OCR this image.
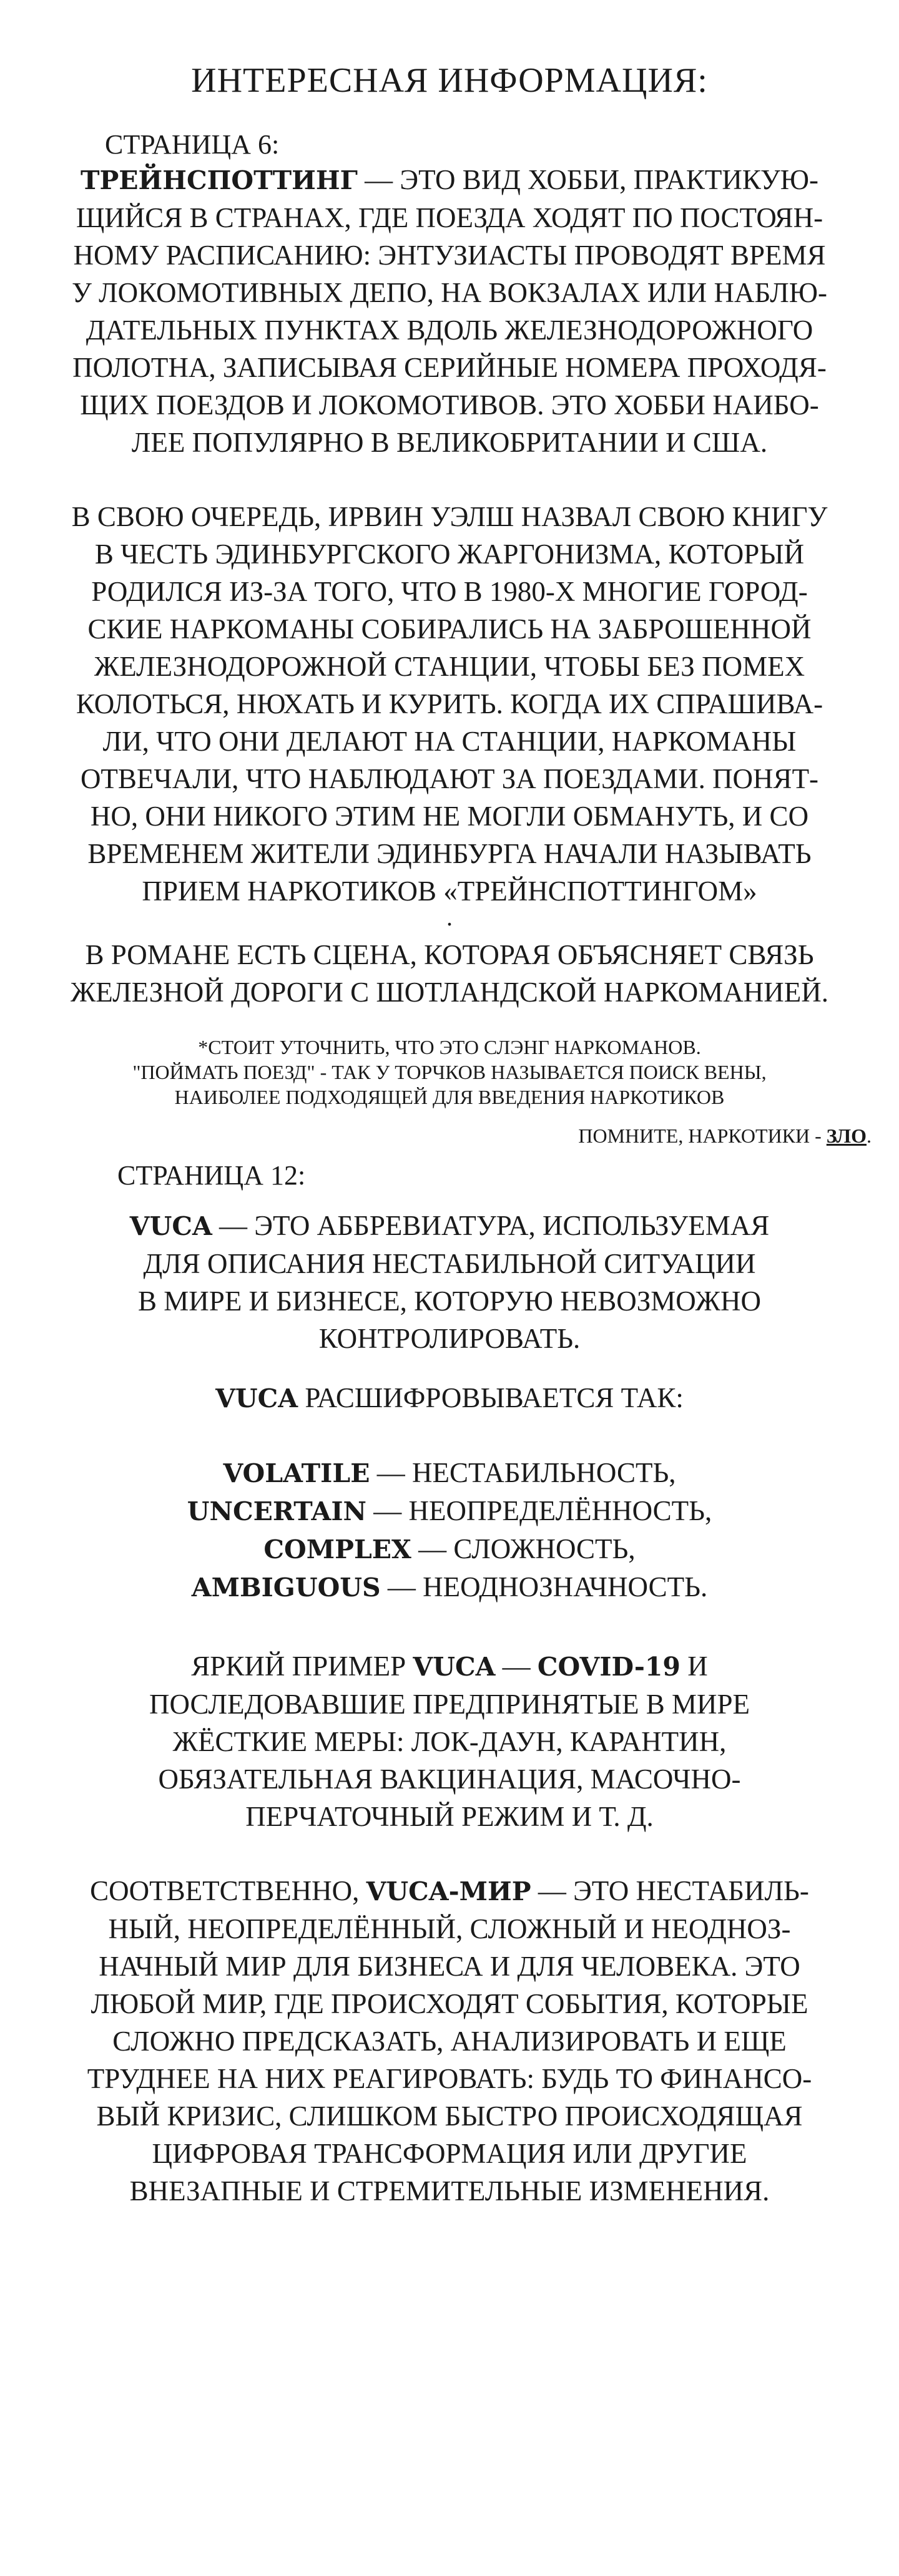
ИНТЕРЕСНАЯ ИНФОРМАЦИЯ:
СТРАНИЦА 6:
ТРЕЙНСПОТТИНГ — ЭТО ВИД ХОББИ, ПРАКТИКУЮ-
ЩИЙСЯ В СТРАНАХ, ГДЕ ПОЕЗДА ХОДЯТ ПО ПОСТОЯН-
НОМУ РАСПИСАНИЮ: ЭНТУЗИАСТЫ ПРОВОДЯТ ВРЕМЯ
У ЛОКОМОТИВНЫХ ДЕПО, НА ВОКЗАЛАХ ИЛИ НАБЛЮ-
ДАТЕЛЬНЫХ ПУНКТАХ ВДОЛЬ ЖЕЛЕЗНОДОРОЖНОГО
ПОЛОТНА, ЗАПИСЫВАЯ СЕРИЙНЫЕ НОМЕРА ПРОХОДЯ-
ЩИХ ПОЕЗДОВ И ЛОКОМОТИВОВ. ЭТО ХОББИ НАИБО-
ЛЕЕ ПОПУЛЯРНО В ВЕЛИКОБРИТАНИИ И США.
В СВОЮ ОЧЕРЕДЬ, ИРВИН УЭЛШ НАЗВАЛ СВОЮ КНИГУ
В ЧЕСТЬ ЭДИНБУРГСКОГО ЖАРГОНИЗМА, КОТОРЫЙ
РОДИЛСЯ ИЗ-ЗА ТОГО, ЧТО В 1980-Х МНОГИЕ ГОРОД-
СКИЕ НАРКОМАНЫ СОБИРАЛИСЬ НА ЗАБРОШЕННОЙ
ЖЕЛЕЗНОДОРОЖНОЙ СТАНЦИИ, ЧТОБЫ БЕЗ ПОМЕХ
КОЛОТЬСЯ, НЮХАТЬ И КУРИТЬ. КОГДА ИХ СПРАШИВА-
ЛИ, ЧТО ОНИ ДЕЛАЮТ НА СТАНЦИИ, НАРКОМАНЫ
ОТВЕЧАЛИ, ЧТО НАБЛЮДАЮТ ЗА ПОЕЗДАМИ. ПОНЯТ-
НО, ОНИ НИКОГО ЭТИМ НЕ МОГЛИ ОБМАНУТЬ, И СО
ВРЕМЕНЕМ ЖИТЕЛИ ЭДИНБУРГА НАЧАЛИ НАЗЫВАТЬ
ПРИЕМ НАРКОТИКОВ «ТРЕЙНСПОТТИНГОМ»
.
В РОМАНЕ ЕСТЬ СЦЕНА, КОТОРАЯ ОБЪЯСНЯЕТ СВЯЗЬ
ЖЕЛЕЗНОЙ ДОРОГИ С ШОТЛАНДСКОЙ НАРКОМАНИЕЙ.
*СТОИТ УТОЧНИТЬ, ЧТО ЭТО СЛЭНГ НАРКОМАНОВ.
"ПОЙМАТЬ ПОЕЗД" - ТАК У ТОРЧКОВ НАЗЫВАЕТСЯ ПОИСК ВЕНЫ,
НАИБОЛЕЕ ПОДХОДЯЩЕЙ ДЛЯ ВВЕДЕНИЯ НАРКОТИКОВ
ПОМНИТЕ, НАРКОТИКИ - ЗЛО.
СТРАНИЦА 12:
VUCA — ЭТО АББРЕВИАТУРА, ИСПОЛЬЗУЕМАЯ
ДЛЯ ОПИСАНИЯ НЕСТАБИЛЬНОЙ СИТУАЦИИ
В МИРЕ И БИЗНЕСЕ, КОТОРУЮ НЕВОЗМОЖНО
КОНТРОЛИРОВАТЬ.
VUCA РАСШИФРОВЫВАЕТСЯ ТАК:
VOLATILE — НЕСТАБИЛЬНОСТЬ,
UNCERTAIN — НЕОПРЕДЕЛЁННОСТЬ,
COMPLEX — СЛОЖНОСТЬ,
AMBIGUOUS — НЕОДНОЗНАЧНОСТЬ.
ЯРКИЙ ПРИМЕР VUCA — COVID-19 И
ПОСЛЕДОВАВШИЕ ПРЕДПРИНЯТЫЕ В МИРЕ
ЖЁСТКИЕ МЕРЫ: ЛОК-ДАУН, КАРАНТИН,
ОБЯЗАТЕЛЬНАЯ ВАКЦИНАЦИЯ, МАСОЧНО-
ПЕРЧАТОЧНЫЙ РЕЖИМ И Т. Д.
СООТВЕТСТВЕННО, VUCA-МИР — ЭТО НЕСТАБИЛЬ-
НЫЙ, НЕОПРЕДЕЛЁННЫЙ, СЛОЖНЫЙ И НЕОДНОЗ-
НАЧНЫЙ МИР ДЛЯ БИЗНЕСА И ДЛЯ ЧЕЛОВЕКА. ЭТО
ЛЮБОЙ МИР, ГДЕ ПРОИСХОДЯТ СОБЫТИЯ, КОТОРЫЕ
СЛОЖНО ПРЕДСКАЗАТЬ, АНАЛИЗИРОВАТЬ И ЕЩЕ
ТРУДНЕЕ НА НИХ РЕАГИРОВАТЬ: БУДЬ ТО ФИНАНСО-
ВЫЙ КРИЗИС, СЛИШКОМ БЫСТРО ПРОИСХОДЯЩАЯ
ЦИФРОВАЯ ТРАНСФОРМАЦИЯ ИЛИ ДРУГИЕ
ВНЕЗАПНЫЕ И СТРЕМИТЕЛЬНЫЕ ИЗМЕНЕНИЯ.
